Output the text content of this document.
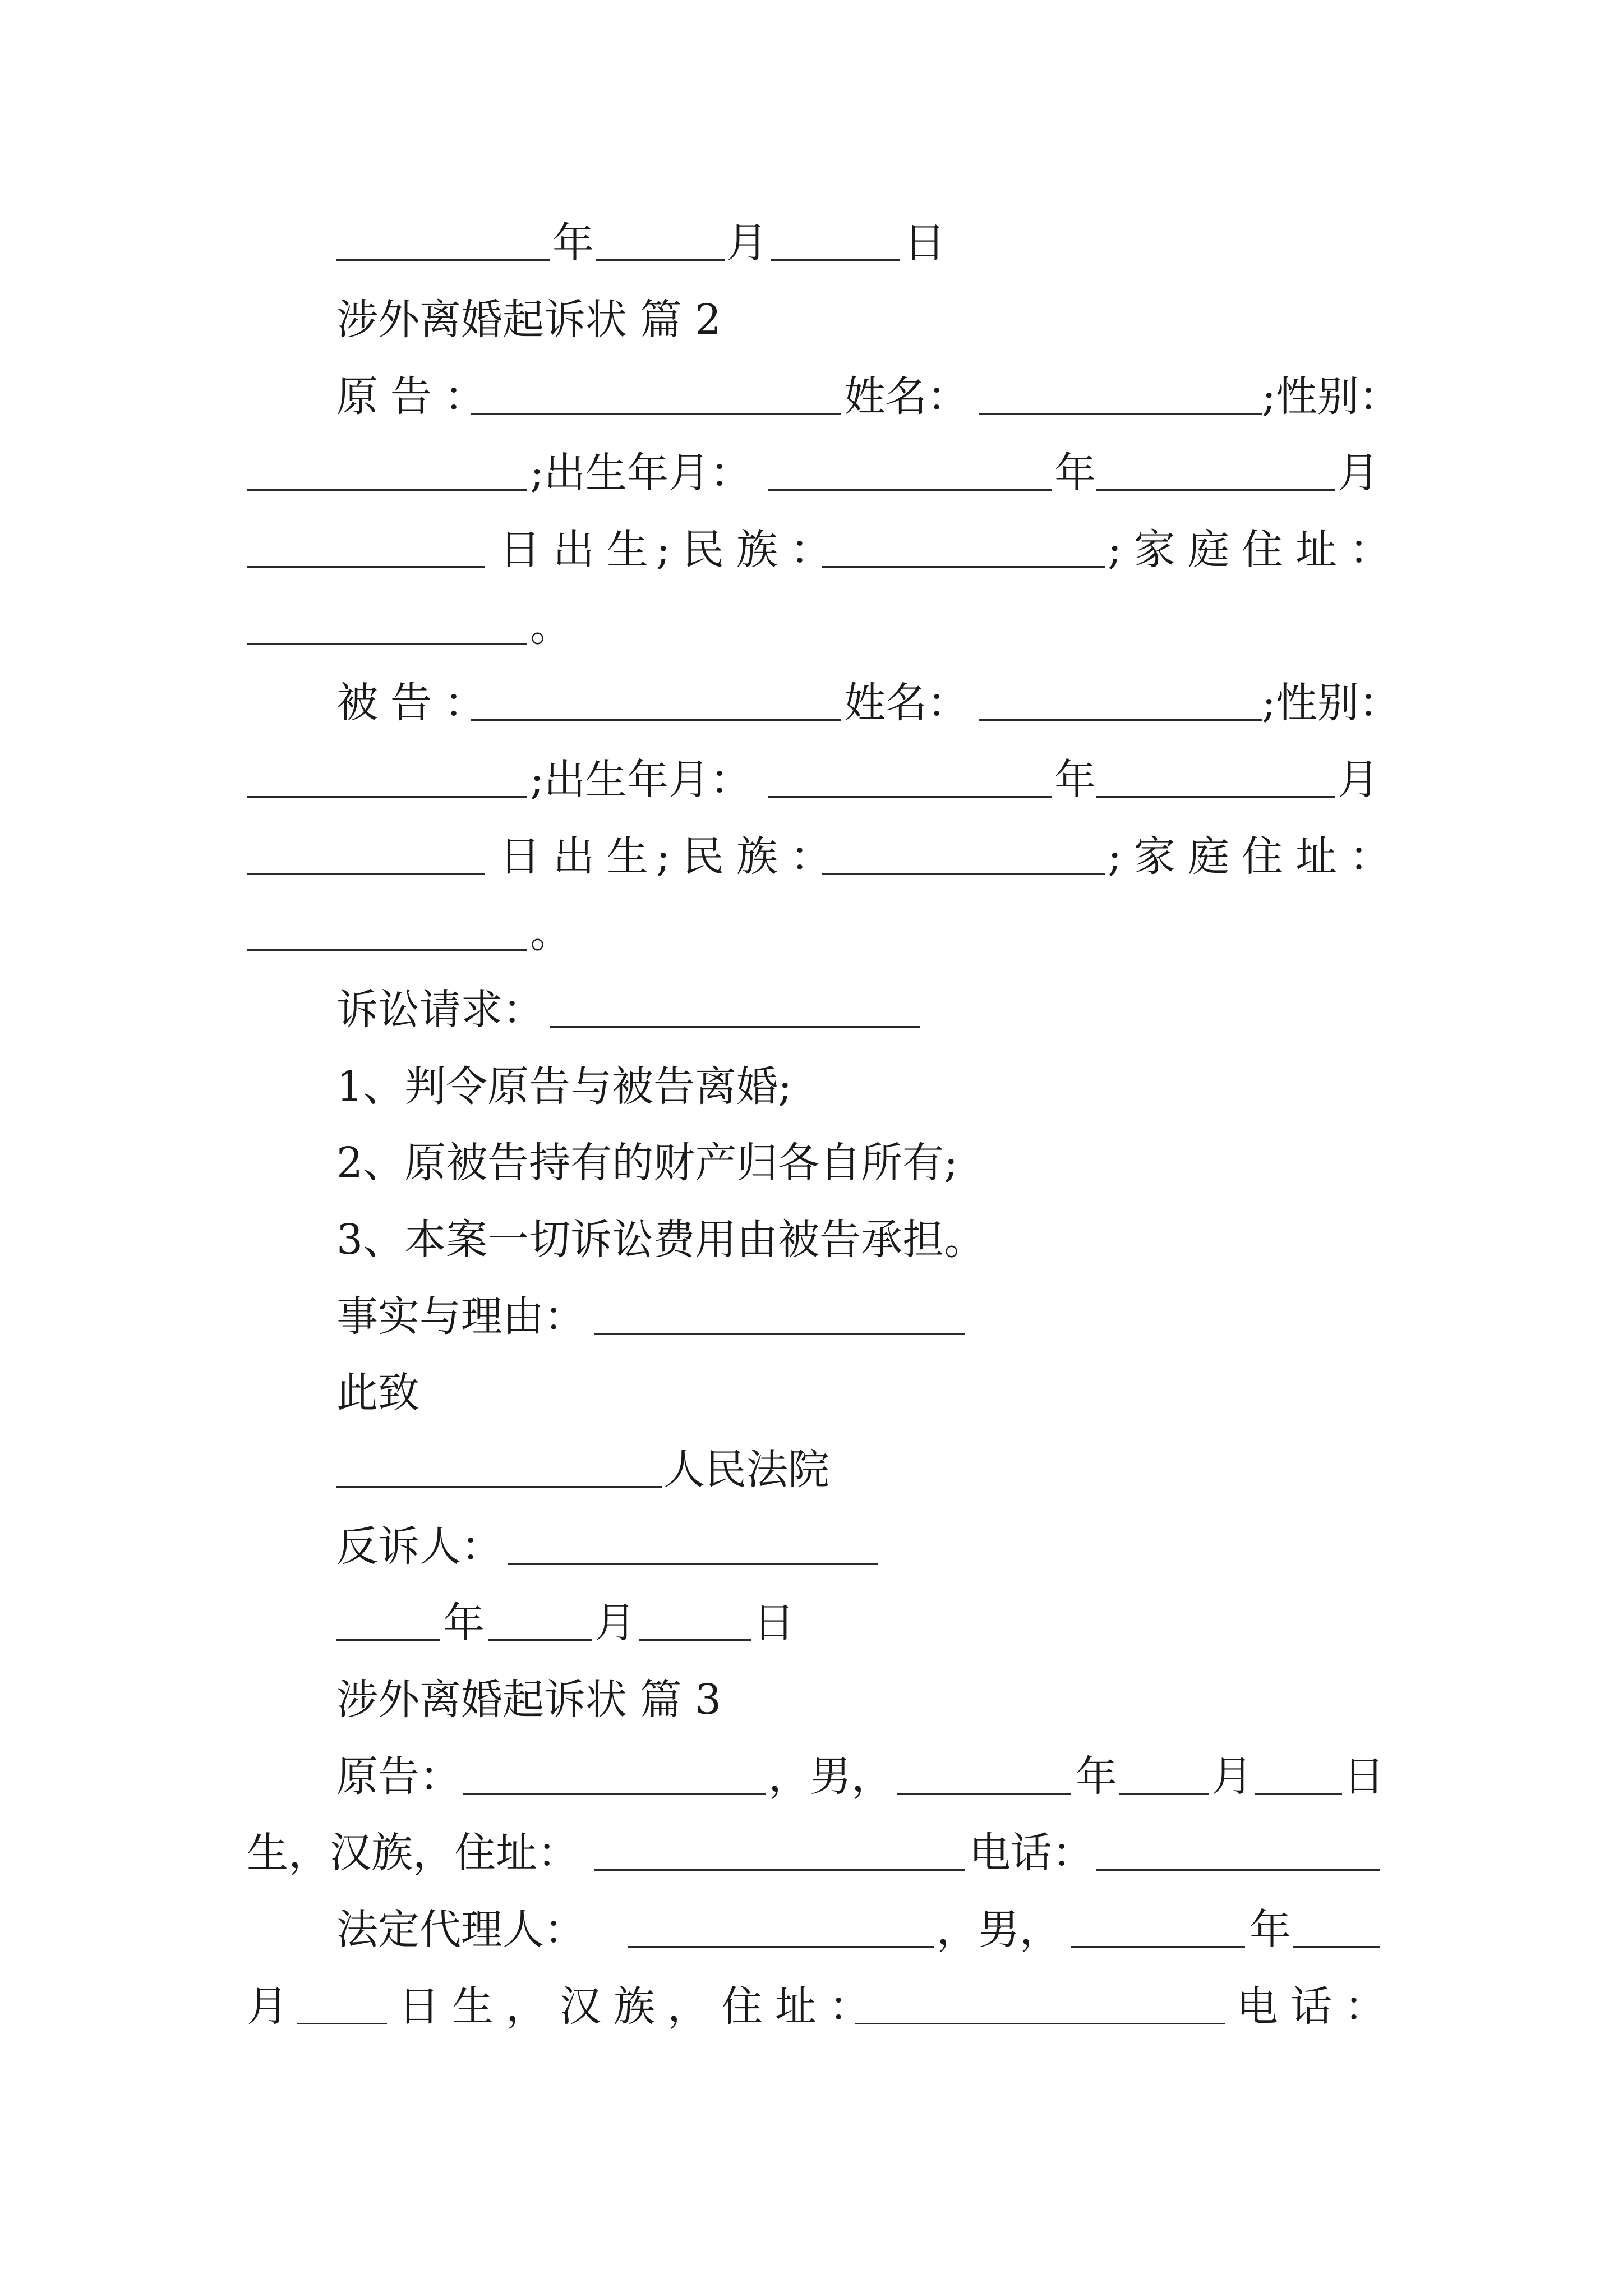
年	月	日
涉外离婚起诉状 篇 2
原告：	姓名：	;性别：
;出生年月：	年	月
日出生
;民族：	;家庭住址：
。
被告：	姓名：	;性别：
;出生年月：	年	月
日出生
;民族：	;家庭住址：
。
诉讼请求：
1、判令原告与被告离婚;
2、原被告持有的财产归各自所有;
3、本案一切诉讼费用由被告承担。
事实与理由：
此致
人民法院
反诉人：
年	月	日
涉外离婚起诉状 篇 3
原告：	，男，	年 月 日
生，汉族，住址：	电话：
法定代理人：	，男，	年
月	日生，汉族，住址：	电话：
